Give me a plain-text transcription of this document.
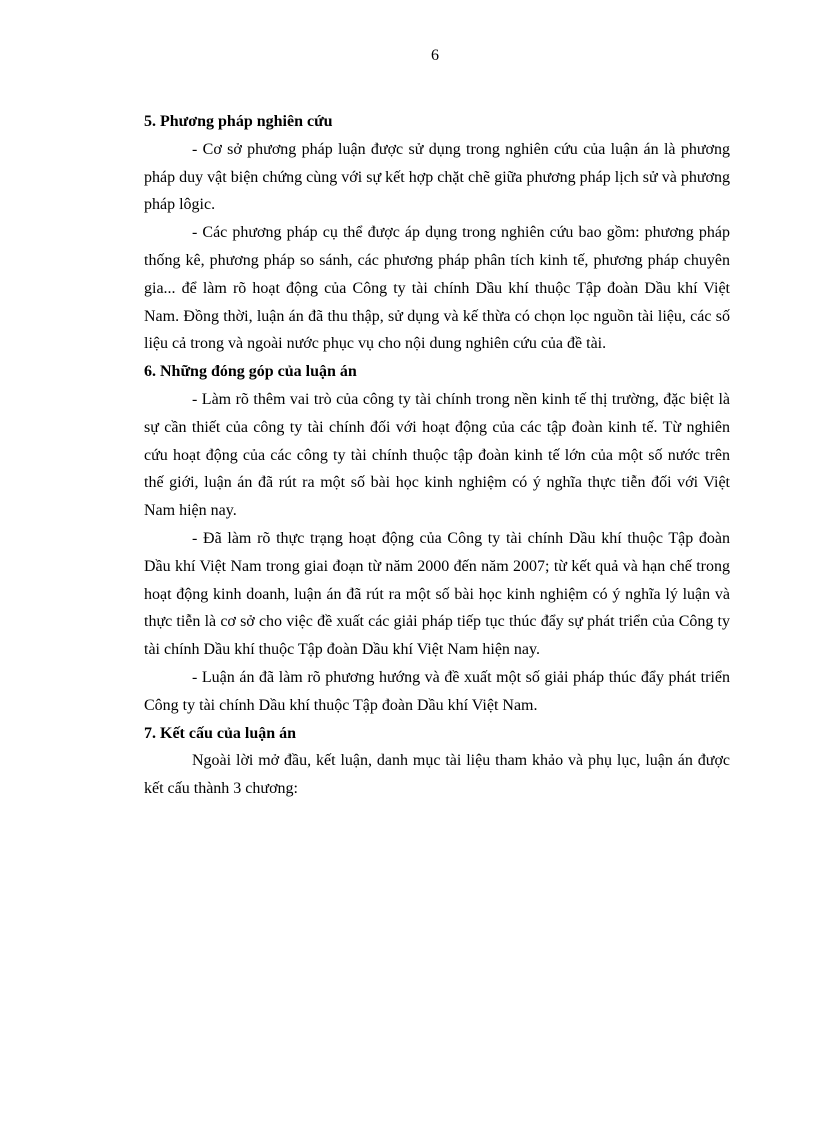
6

5. Phương pháp nghiên cứu

- Cơ sở phương pháp luận được sử dụng trong nghiên cứu của luận án là phương pháp duy vật biện chứng cùng với sự kết hợp chặt chẽ giữa phương pháp lịch sử và phương pháp lôgic.

- Các phương pháp cụ thể được áp dụng trong nghiên cứu bao gồm: phương pháp thống kê, phương pháp so sánh, các phương pháp phân tích kinh tế, phương pháp chuyên gia... để làm rõ hoạt động của Công ty tài chính Dầu khí thuộc Tập đoàn Dầu khí Việt Nam. Đồng thời, luận án đã thu thập, sử dụng và kế thừa có chọn lọc nguồn tài liệu, các số liệu cả trong và ngoài nước phục vụ cho nội dung nghiên cứu của đề tài.

6. Những đóng góp của luận án

- Làm rõ thêm vai trò của công ty tài chính trong nền kinh tế thị trường, đặc biệt là sự cần thiết của công ty tài chính đối với hoạt động của các tập đoàn kinh tế. Từ nghiên cứu hoạt động của các công ty tài chính thuộc tập đoàn kinh tế lớn của một số nước trên thế giới, luận án đã rút ra một số bài học kinh nghiệm có ý nghĩa thực tiễn đối với Việt Nam hiện nay.

- Đã làm rõ thực trạng hoạt động của Công ty tài chính Dầu khí thuộc Tập đoàn Dầu khí Việt Nam trong giai đoạn từ năm 2000 đến năm 2007; từ kết quả và hạn chế trong hoạt động kinh doanh, luận án đã rút ra một số bài học kinh nghiệm có ý nghĩa lý luận và thực tiễn là cơ sở cho việc đề xuất các giải pháp tiếp tục thúc đẩy sự phát triển của Công ty tài chính Dầu khí thuộc Tập đoàn Dầu khí Việt Nam hiện nay.

- Luận án đã làm rõ phương hướng và đề xuất một số giải pháp thúc đẩy phát triển Công ty tài chính Dầu khí thuộc Tập đoàn Dầu khí Việt Nam.

7. Kết cấu của luận án

Ngoài lời mở đầu, kết luận, danh mục tài liệu tham khảo và phụ lục, luận án được kết cấu thành 3 chương:
